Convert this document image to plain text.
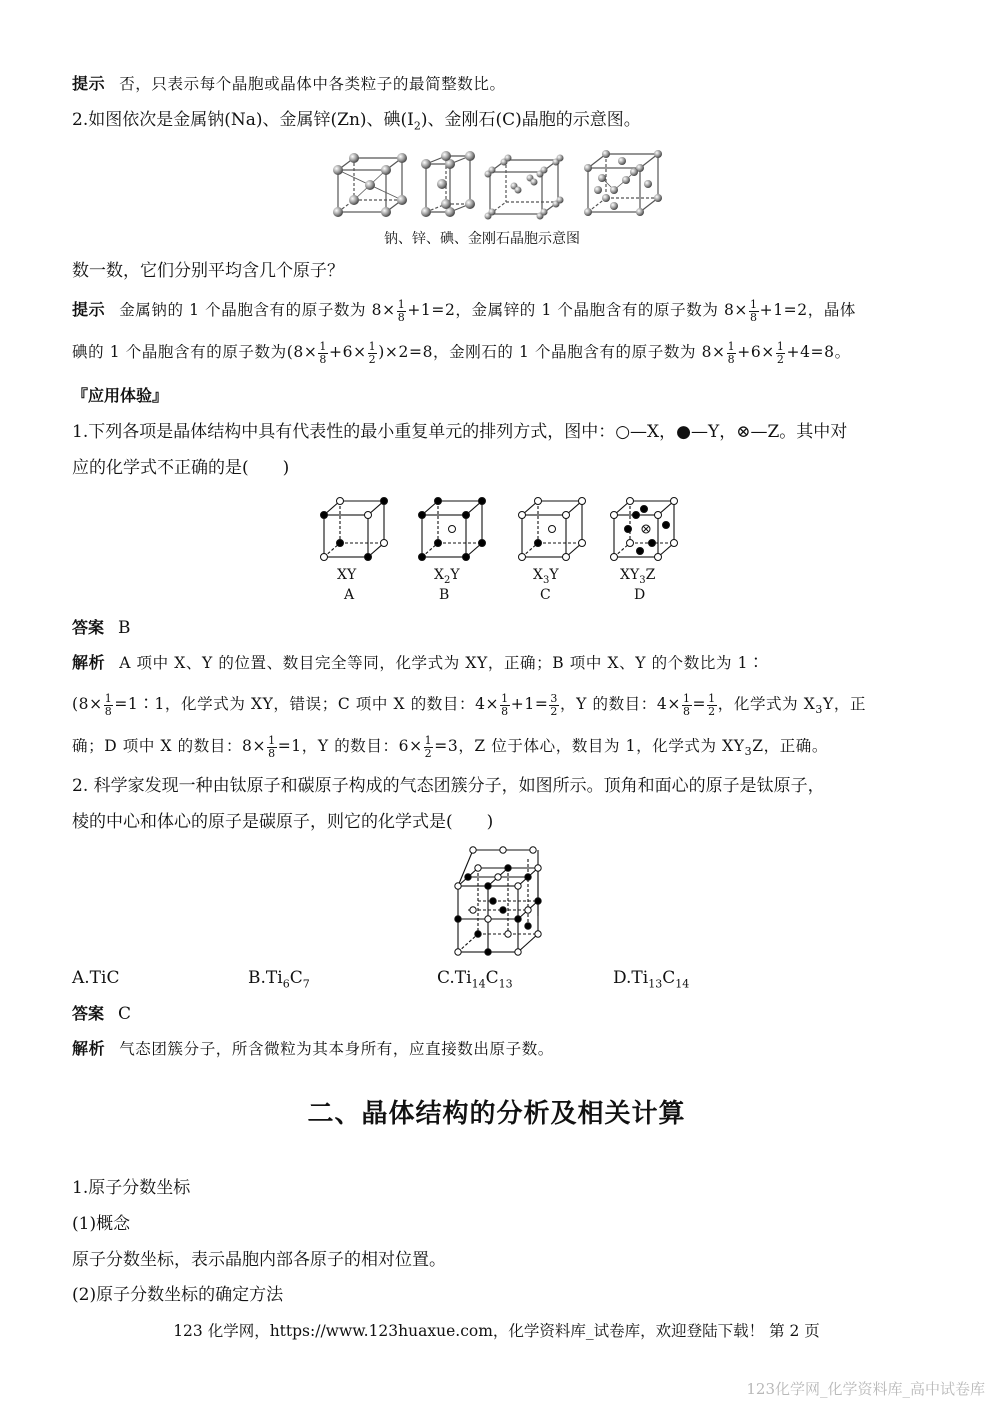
提示 否，只表示每个晶胞或晶体中各类粒子的最简整数比。
2.如图依次是金属钠(Na)、金属锌(Zn)、碘$(I_2)$、金刚石(C)晶胞的示意图。
钠、锌、碘、金刚石晶胞示意图
数一数，它们分别平均含几个原子？
提示 金属钠的 1 个晶胞含有的原子数为 $8\times \frac{1}{8} +1=2$，金属锌的 1 个晶胞含有的原子数为 $8\times \frac{1}{8} +1=2$，晶体
碘的 1 个晶胞含有的原子数为$(8\times \frac{1}{8} +6\times \frac{1}{2} )\times 2=8$，金刚石的 1 个晶胞含有的原子数为 $8\times \frac{1}{8} +6\times \frac{1}{2} +4=8$。
『应用体验』
1.下列各项是晶体结构中具有代表性的最小重复单元的排列方式，图中：○—X，●—Y，⊗—Z。其中对
应的化学式不正确的是(　　)
XY	$X_2Y$	$X_3Y$	$XY_3Z$
A	B	C	D
答案 B
解析 A 项中 X、Y 的位置、数目完全等同，化学式为 XY，正确；B 项中 X、Y 的个数比为 1∶
($8\times \frac{1}{8}$ =1∶1，化学式为 XY，错误；C 项中 X 的数目：$4\times \frac{1}{8} +1= \frac{3}{2}$ ，Y 的数目：$4\times \frac{1}{8} = \frac{1}{2}$ ，化学式为 $X_3Y$，正
确；D 项中 X 的数目：$8\times \frac{1}{8} =1$，Y 的数目：$6\times \frac{1}{2} =3$，Z 位于体心，数目为 1，化学式为 $XY_3Z$，正确。
2. 科学家发现一种由钛原子和碳原子构成的气态团簇分子，如图所示。顶角和面心的原子是钛原子，
棱的中心和体心的原子是碳原子，则它的化学式是(　　)
A.TiC	$B.Ti_6C_7$	$C.Ti_{14}C_{13}$	$D.Ti_{13}C_{14}$
答案 C
解析 气态团簇分子，所含微粒为其本身所有，应直接数出原子数。
二、晶体结构的分析及相关计算
1.原子分数坐标
(1)概念
原子分数坐标，表示晶胞内部各原子的相对位置。
(2)原子分数坐标的确定方法
123 化学网，https://www.123huaxue.com，化学资料库_试卷库，欢迎登陆下载！ 第 2 页
123化学网_化学资料库_高中试卷库
